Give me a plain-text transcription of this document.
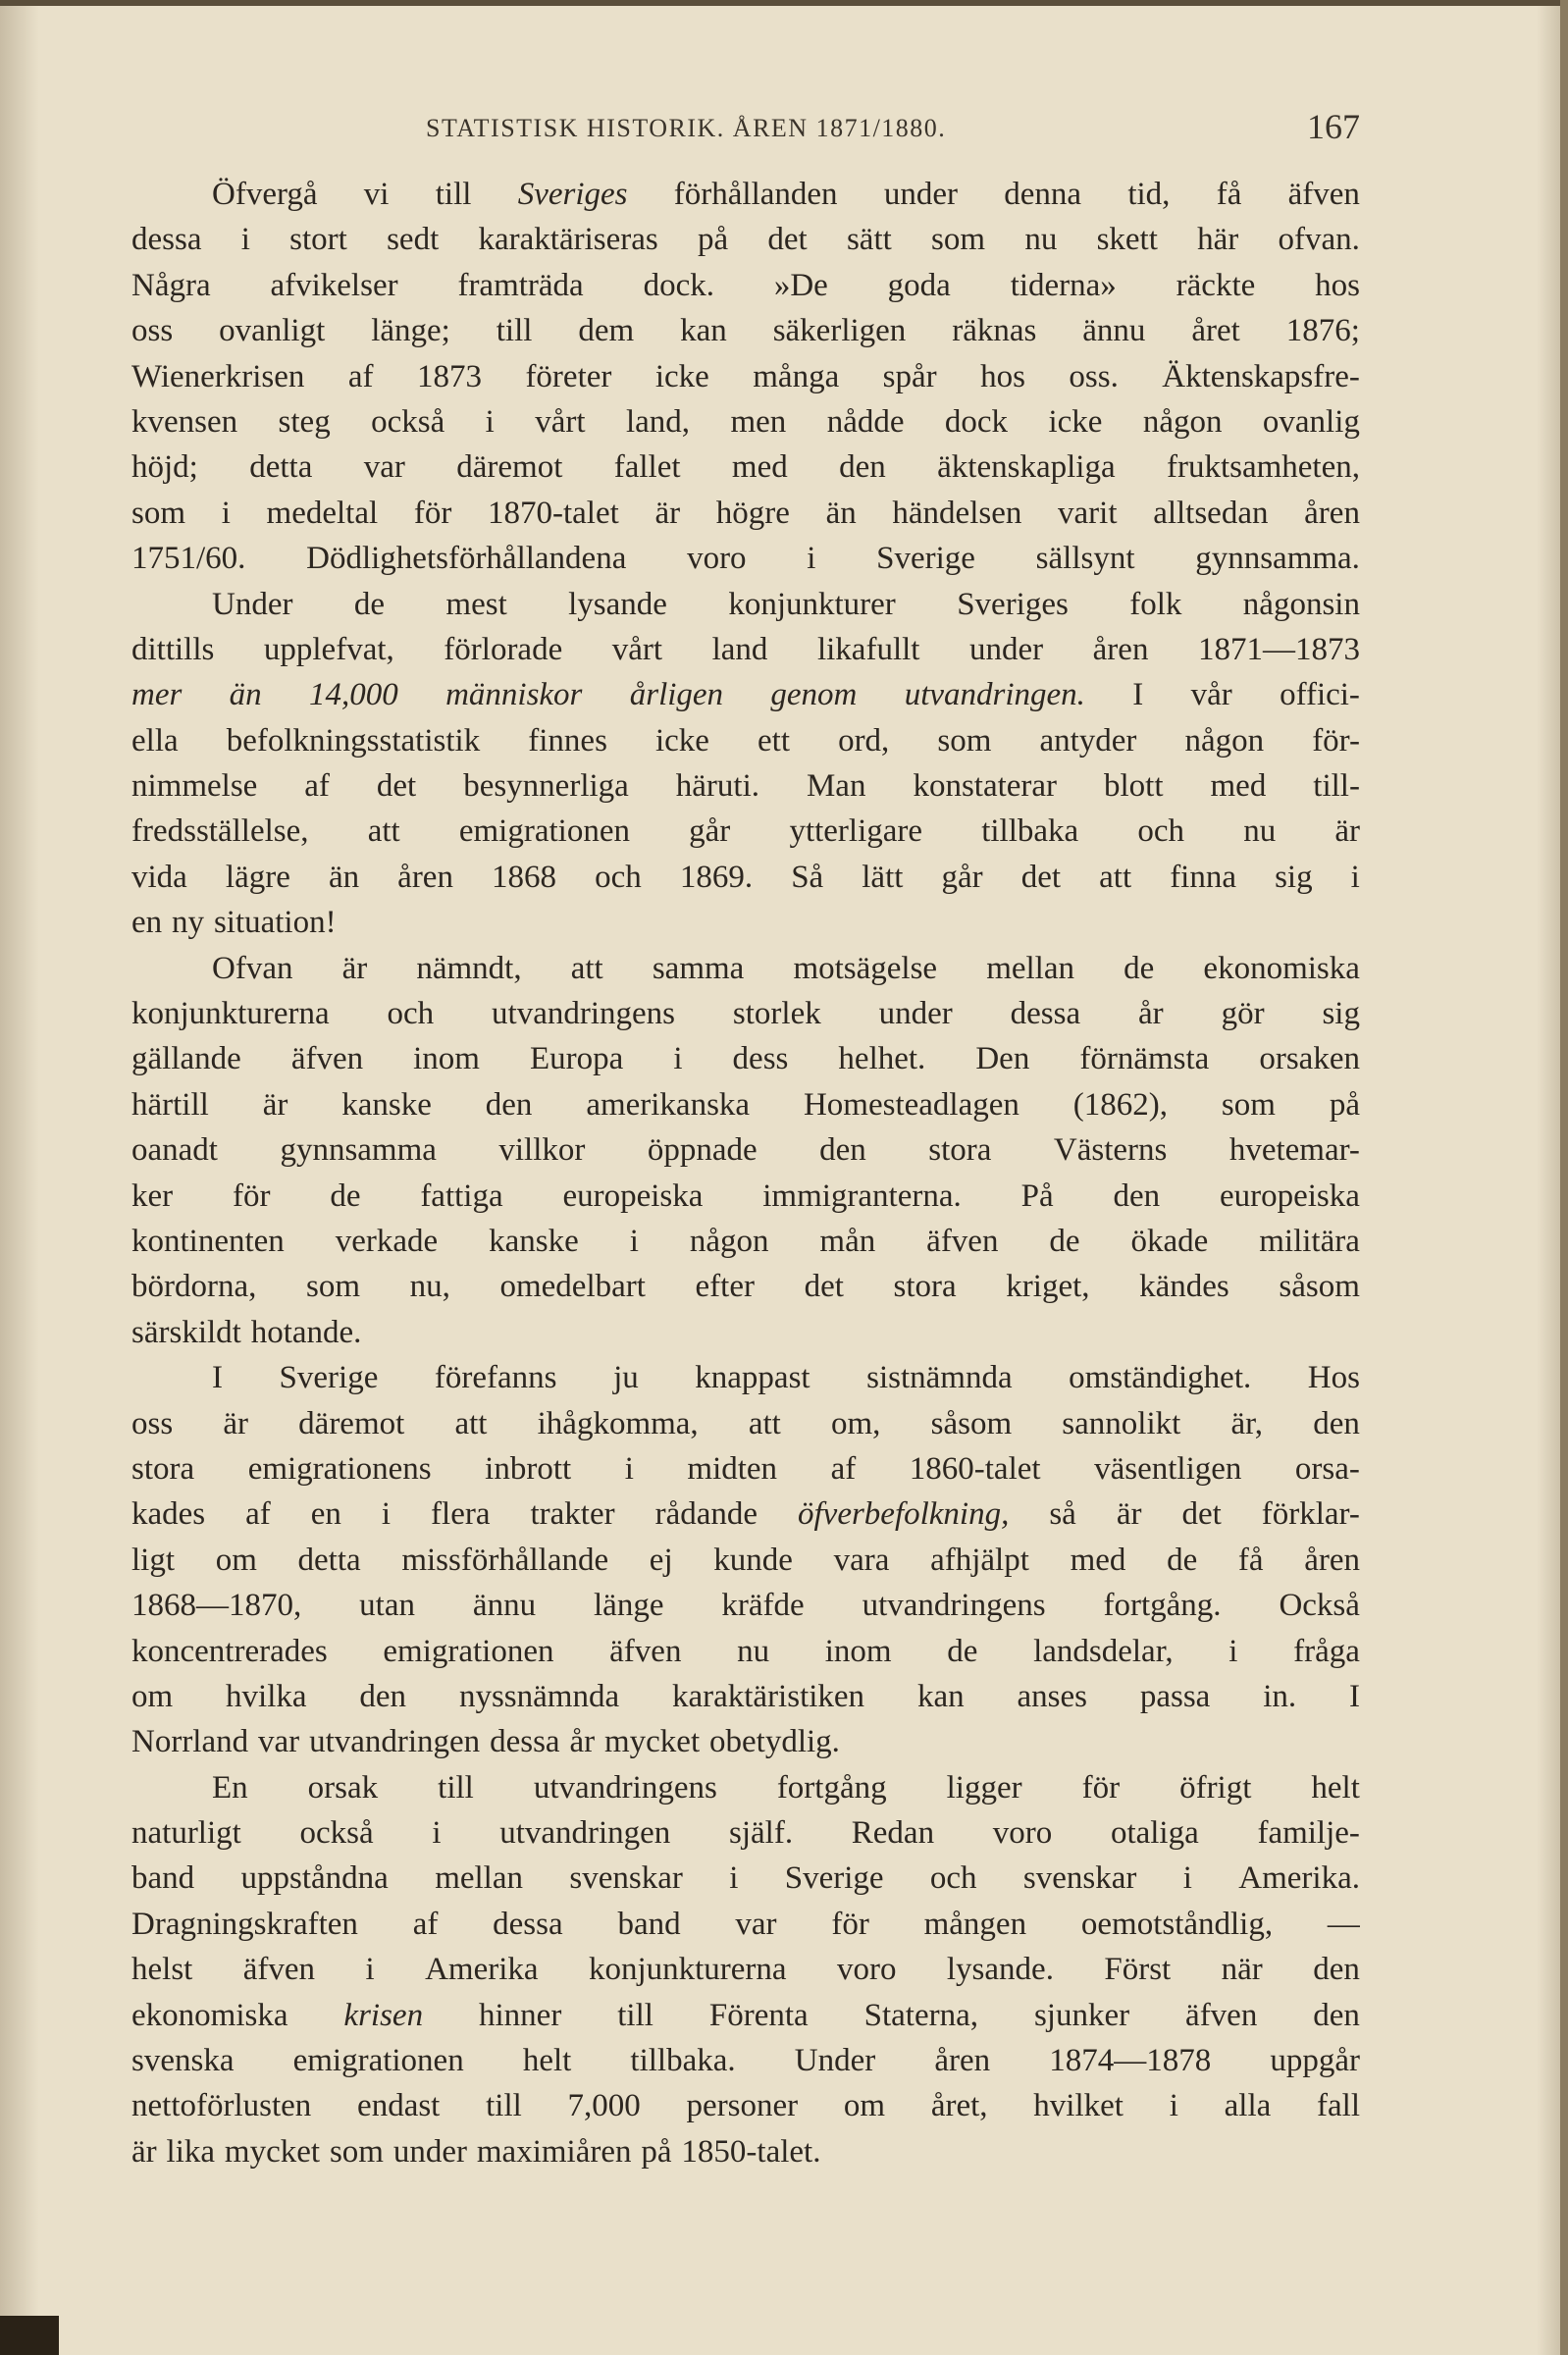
STATISTISK HISTORIK. ÅREN 1871/1880.	167
Öfvergå vi till Sveriges förhållanden under denna tid, få äfven
dessa i stort sedt karaktäriseras på det sätt som nu skett här ofvan.
Några afvikelser framträda dock. »De goda tiderna» räckte hos
oss ovanligt länge; till dem kan säkerligen räknas ännu året 1876;
Wienerkrisen af 1873 företer icke många spår hos oss. Äktenskapsfre-
kvensen steg också i vårt land, men nådde dock icke någon ovanlig
höjd; detta var däremot fallet med den äktenskapliga fruktsamheten,
som i medeltal för 1870-talet är högre än händelsen varit alltsedan åren
1751/60. Dödlighetsförhållandena voro i Sverige sällsynt gynnsamma.
Under de mest lysande konjunkturer Sveriges folk någonsin
dittills upplefvat, förlorade vårt land likafullt under åren 1871—1873
mer än 14,000 människor årligen genom utvandringen. I vår offici-
ella befolkningsstatistik finnes icke ett ord, som antyder någon för-
nimmelse af det besynnerliga häruti. Man konstaterar blott med till-
fredsställelse, att emigrationen går ytterligare tillbaka och nu är
vida lägre än åren 1868 och 1869. Så lätt går det att finna sig i
en ny situation!
Ofvan är nämndt, att samma motsägelse mellan de ekonomiska
konjunkturerna och utvandringens storlek under dessa år gör sig
gällande äfven inom Europa i dess helhet. Den förnämsta orsaken
härtill är kanske den amerikanska Homesteadlagen (1862), som på
oanadt gynnsamma villkor öppnade den stora Västerns hvetemar-
ker för de fattiga europeiska immigranterna. På den europeiska
kontinenten verkade kanske i någon mån äfven de ökade militära
bördorna, som nu, omedelbart efter det stora kriget, kändes såsom
särskildt hotande.
I Sverige förefanns ju knappast sistnämnda omständighet. Hos
oss är däremot att ihågkomma, att om, såsom sannolikt är, den
stora emigrationens inbrott i midten af 1860-talet väsentligen orsa-
kades af en i flera trakter rådande öfverbefolkning, så är det förklar-
ligt om detta missförhållande ej kunde vara afhjälpt med de få åren
1868—1870, utan ännu länge kräfde utvandringens fortgång. Också
koncentrerades emigrationen äfven nu inom de landsdelar, i fråga
om hvilka den nyssnämnda karaktäristiken kan anses passa in. I
Norrland var utvandringen dessa år mycket obetydlig.
En orsak till utvandringens fortgång ligger för öfrigt helt
naturligt också i utvandringen själf. Redan voro otaliga familje-
band uppståndna mellan svenskar i Sverige och svenskar i Amerika.
Dragningskraften af dessa band var för mången oemotståndlig, —
helst äfven i Amerika konjunkturerna voro lysande. Först när den
ekonomiska krisen hinner till Förenta Staterna, sjunker äfven den
svenska emigrationen helt tillbaka. Under åren 1874—1878 uppgår
nettoförlusten endast till 7,000 personer om året, hvilket i alla fall
är lika mycket som under maximiåren på 1850-talet.
